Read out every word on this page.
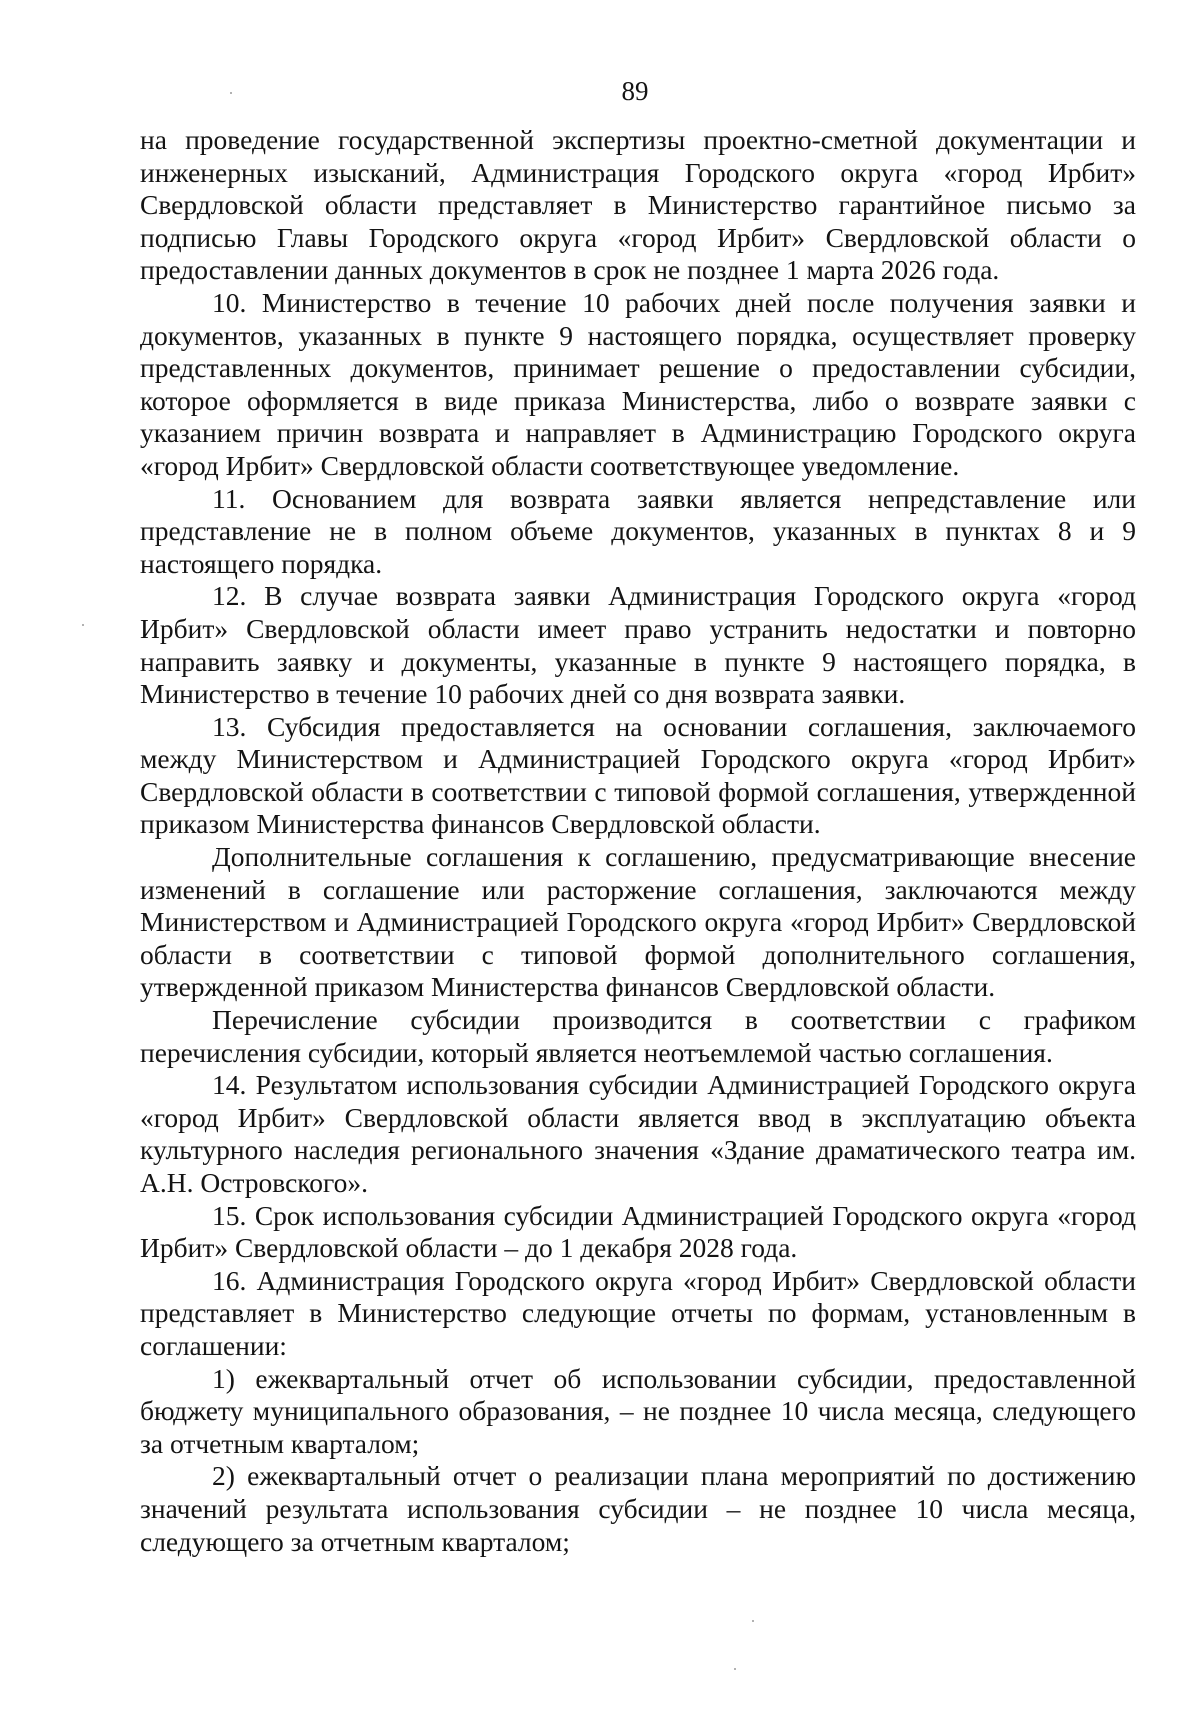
89

на проведение государственной экспертизы проектно-сметной документации и инженерных изысканий, Администрация Городского округа «город Ирбит» Свердловской области представляет в Министерство гарантийное письмо за подписью Главы Городского округа «город Ирбит» Свердловской области о предоставлении данных документов в срок не позднее 1 марта 2026 года.

10. Министерство в течение 10 рабочих дней после получения заявки и документов, указанных в пункте 9 настоящего порядка, осуществляет проверку представленных документов, принимает решение о предоставлении субсидии, которое оформляется в виде приказа Министерства, либо о возврате заявки с указанием причин возврата и направляет в Администрацию Городского округа «город Ирбит» Свердловской области соответствующее уведомление.

11. Основанием для возврата заявки является непредставление или представление не в полном объеме документов, указанных в пунктах 8 и 9 настоящего порядка.

12. В случае возврата заявки Администрация Городского округа «город Ирбит» Свердловской области имеет право устранить недостатки и повторно направить заявку и документы, указанные в пункте 9 настоящего порядка, в Министерство в течение 10 рабочих дней со дня возврата заявки.

13. Субсидия предоставляется на основании соглашения, заключаемого между Министерством и Администрацией Городского округа «город Ирбит» Свердловской области в соответствии с типовой формой соглашения, утвержденной приказом Министерства финансов Свердловской области.

Дополнительные соглашения к соглашению, предусматривающие внесение изменений в соглашение или расторжение соглашения, заключаются между Министерством и Администрацией Городского округа «город Ирбит» Свердловской области в соответствии с типовой формой дополнительного соглашения, утвержденной приказом Министерства финансов Свердловской области.

Перечисление субсидии производится в соответствии с графиком перечисления субсидии, который является неотъемлемой частью соглашения.

14. Результатом использования субсидии Администрацией Городского округа «город Ирбит» Свердловской области является ввод в эксплуатацию объекта культурного наследия регионального значения «Здание драматического театра им. А.Н. Островского».

15. Срок использования субсидии Администрацией Городского округа «город Ирбит» Свердловской области – до 1 декабря 2028 года.

16. Администрация Городского округа «город Ирбит» Свердловской области представляет в Министерство следующие отчеты по формам, установленным в соглашении:

1) ежеквартальный отчет об использовании субсидии, предоставленной бюджету муниципального образования, – не позднее 10 числа месяца, следующего за отчетным кварталом;

2) ежеквартальный отчет о реализации плана мероприятий по достижению значений результата использования субсидии – не позднее 10 числа месяца, следующего за отчетным кварталом;
